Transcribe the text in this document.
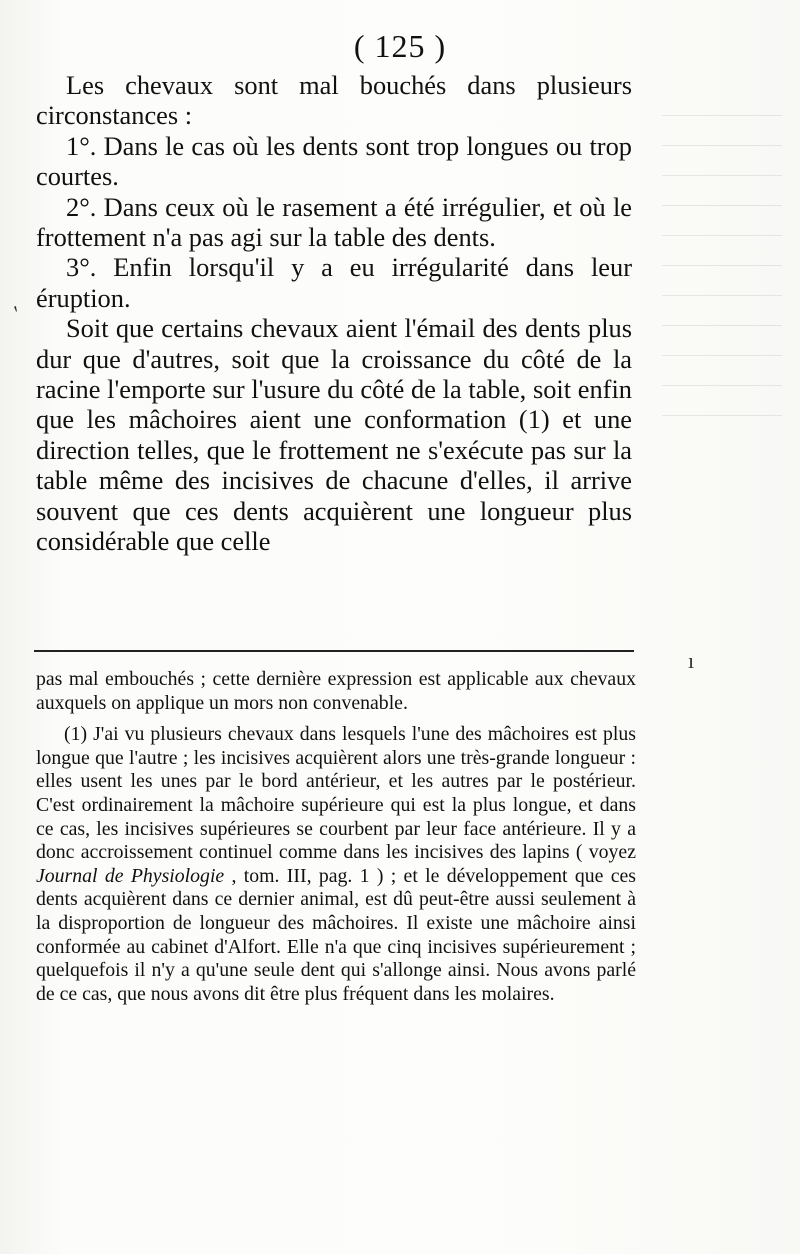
( 125 )

Les chevaux sont mal bouchés dans plusieurs circonstances :

1°. Dans le cas où les dents sont trop longues ou trop courtes.

2°. Dans ceux où le rasement a été irrégulier, et où le frottement n'a pas agi sur la table des dents.

3°. Enfin lorsqu'il y a eu irrégularité dans leur éruption.

Soit que certains chevaux aient l'émail des dents plus dur que d'autres, soit que la croissance du côté de la racine l'emporte sur l'usure du côté de la table, soit enfin que les mâchoires aient une conformation (1) et une direction telles, que le frottement ne s'exécute pas sur la table même des incisives de chacune d'elles, il arrive souvent que ces dents acquièrent une longueur plus considérable que celle

pas mal embouchés ; cette dernière expression est applicable aux chevaux auxquels on applique un mors non convenable.

(1) J'ai vu plusieurs chevaux dans lesquels l'une des mâchoires est plus longue que l'autre ; les incisives acquièrent alors une très-grande longueur : elles usent les unes par le bord antérieur, et les autres par le postérieur. C'est ordinairement la mâchoire supérieure qui est la plus longue, et dans ce cas, les incisives supérieures se courbent par leur face antérieure. Il y a donc accroissement continuel comme dans les incisives des lapins ( voyez Journal de Physiologie , tom. III, pag. 1 ) ; et le développement que ces dents acquièrent dans ce dernier animal, est dû peut-être aussi seulement à la disproportion de longueur des mâchoires. Il existe une mâchoire ainsi conformée au cabinet d'Alfort. Elle n'a que cinq incisives supérieurement ; quelquefois il n'y a qu'une seule dent qui s'allonge ainsi. Nous avons parlé de ce cas, que nous avons dit être plus fréquent dans les molaires.

′
ı
